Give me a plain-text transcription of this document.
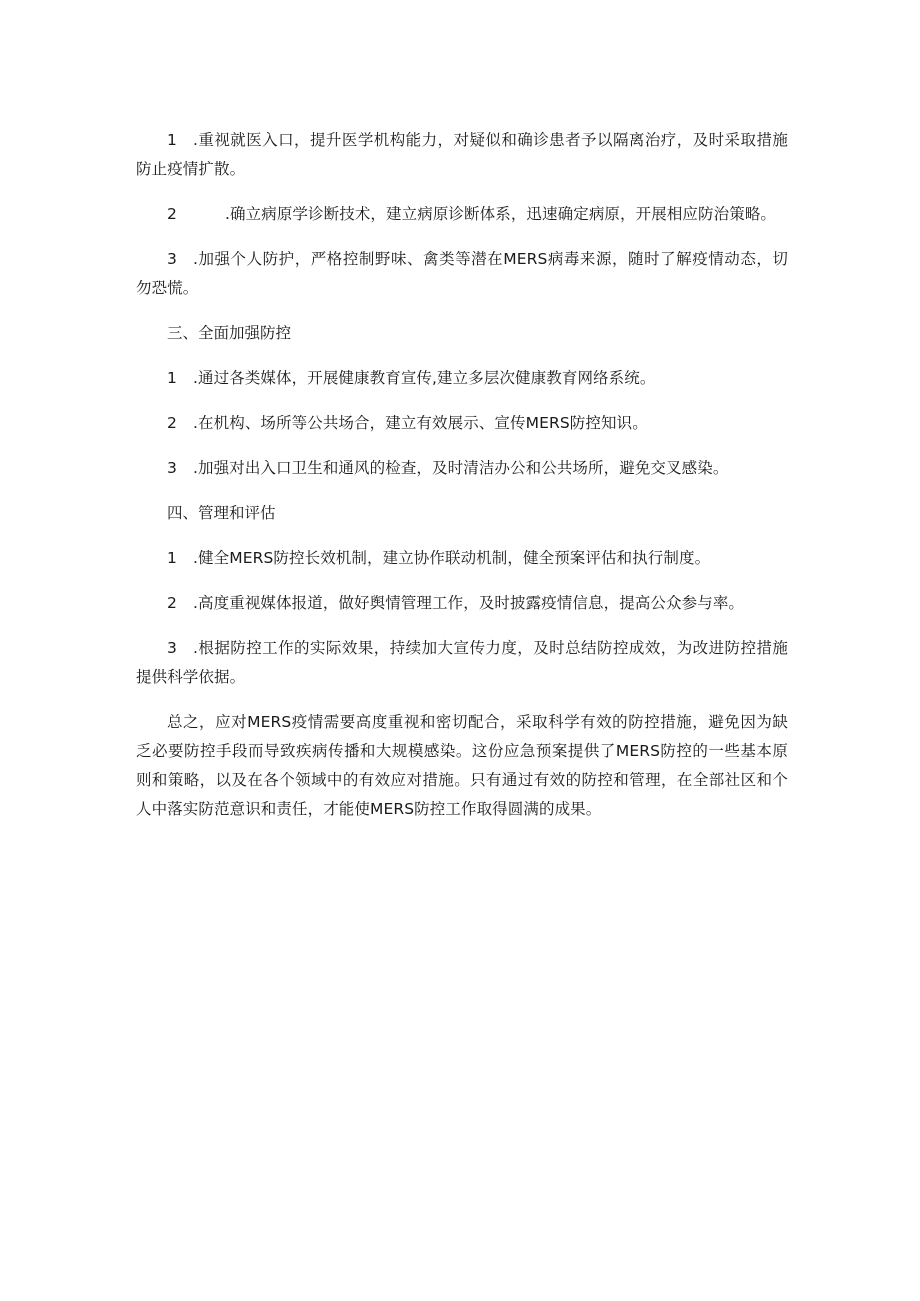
1 .重视就医入口，提升医学机构能力，对疑似和确诊患者予以隔离治疗，及时采取措施防止疫情扩散。

2	.确立病原学诊断技术，建立病原诊断体系，迅速确定病原，开展相应防治策略。

3 .加强个人防护，严格控制野味、禽类等潜在MERS病毒来源，随时了解疫情动态，切勿恐慌。

三、全面加强防控

1 .通过各类媒体，开展健康教育宣传,建立多层次健康教育网络系统。

2 .在机构、场所等公共场合，建立有效展示、宣传MERS防控知识。

3 .加强对出入口卫生和通风的检查，及时清洁办公和公共场所，避免交叉感染。

四、管理和评估

1 .健全MERS防控长效机制，建立协作联动机制，健全预案评估和执行制度。

2 .高度重视媒体报道，做好舆情管理工作，及时披露疫情信息，提高公众参与率。

3 .根据防控工作的实际效果，持续加大宣传力度，及时总结防控成效，为改进防控措施提供科学依据。

总之，应对MERS疫情需要高度重视和密切配合，采取科学有效的防控措施，避免因为缺乏必要防控手段而导致疾病传播和大规模感染。这份应急预案提供了MERS防控的一些基本原则和策略，以及在各个领域中的有效应对措施。只有通过有效的防控和管理，在全部社区和个人中落实防范意识和责任，才能使MERS防控工作取得圆满的成果。
